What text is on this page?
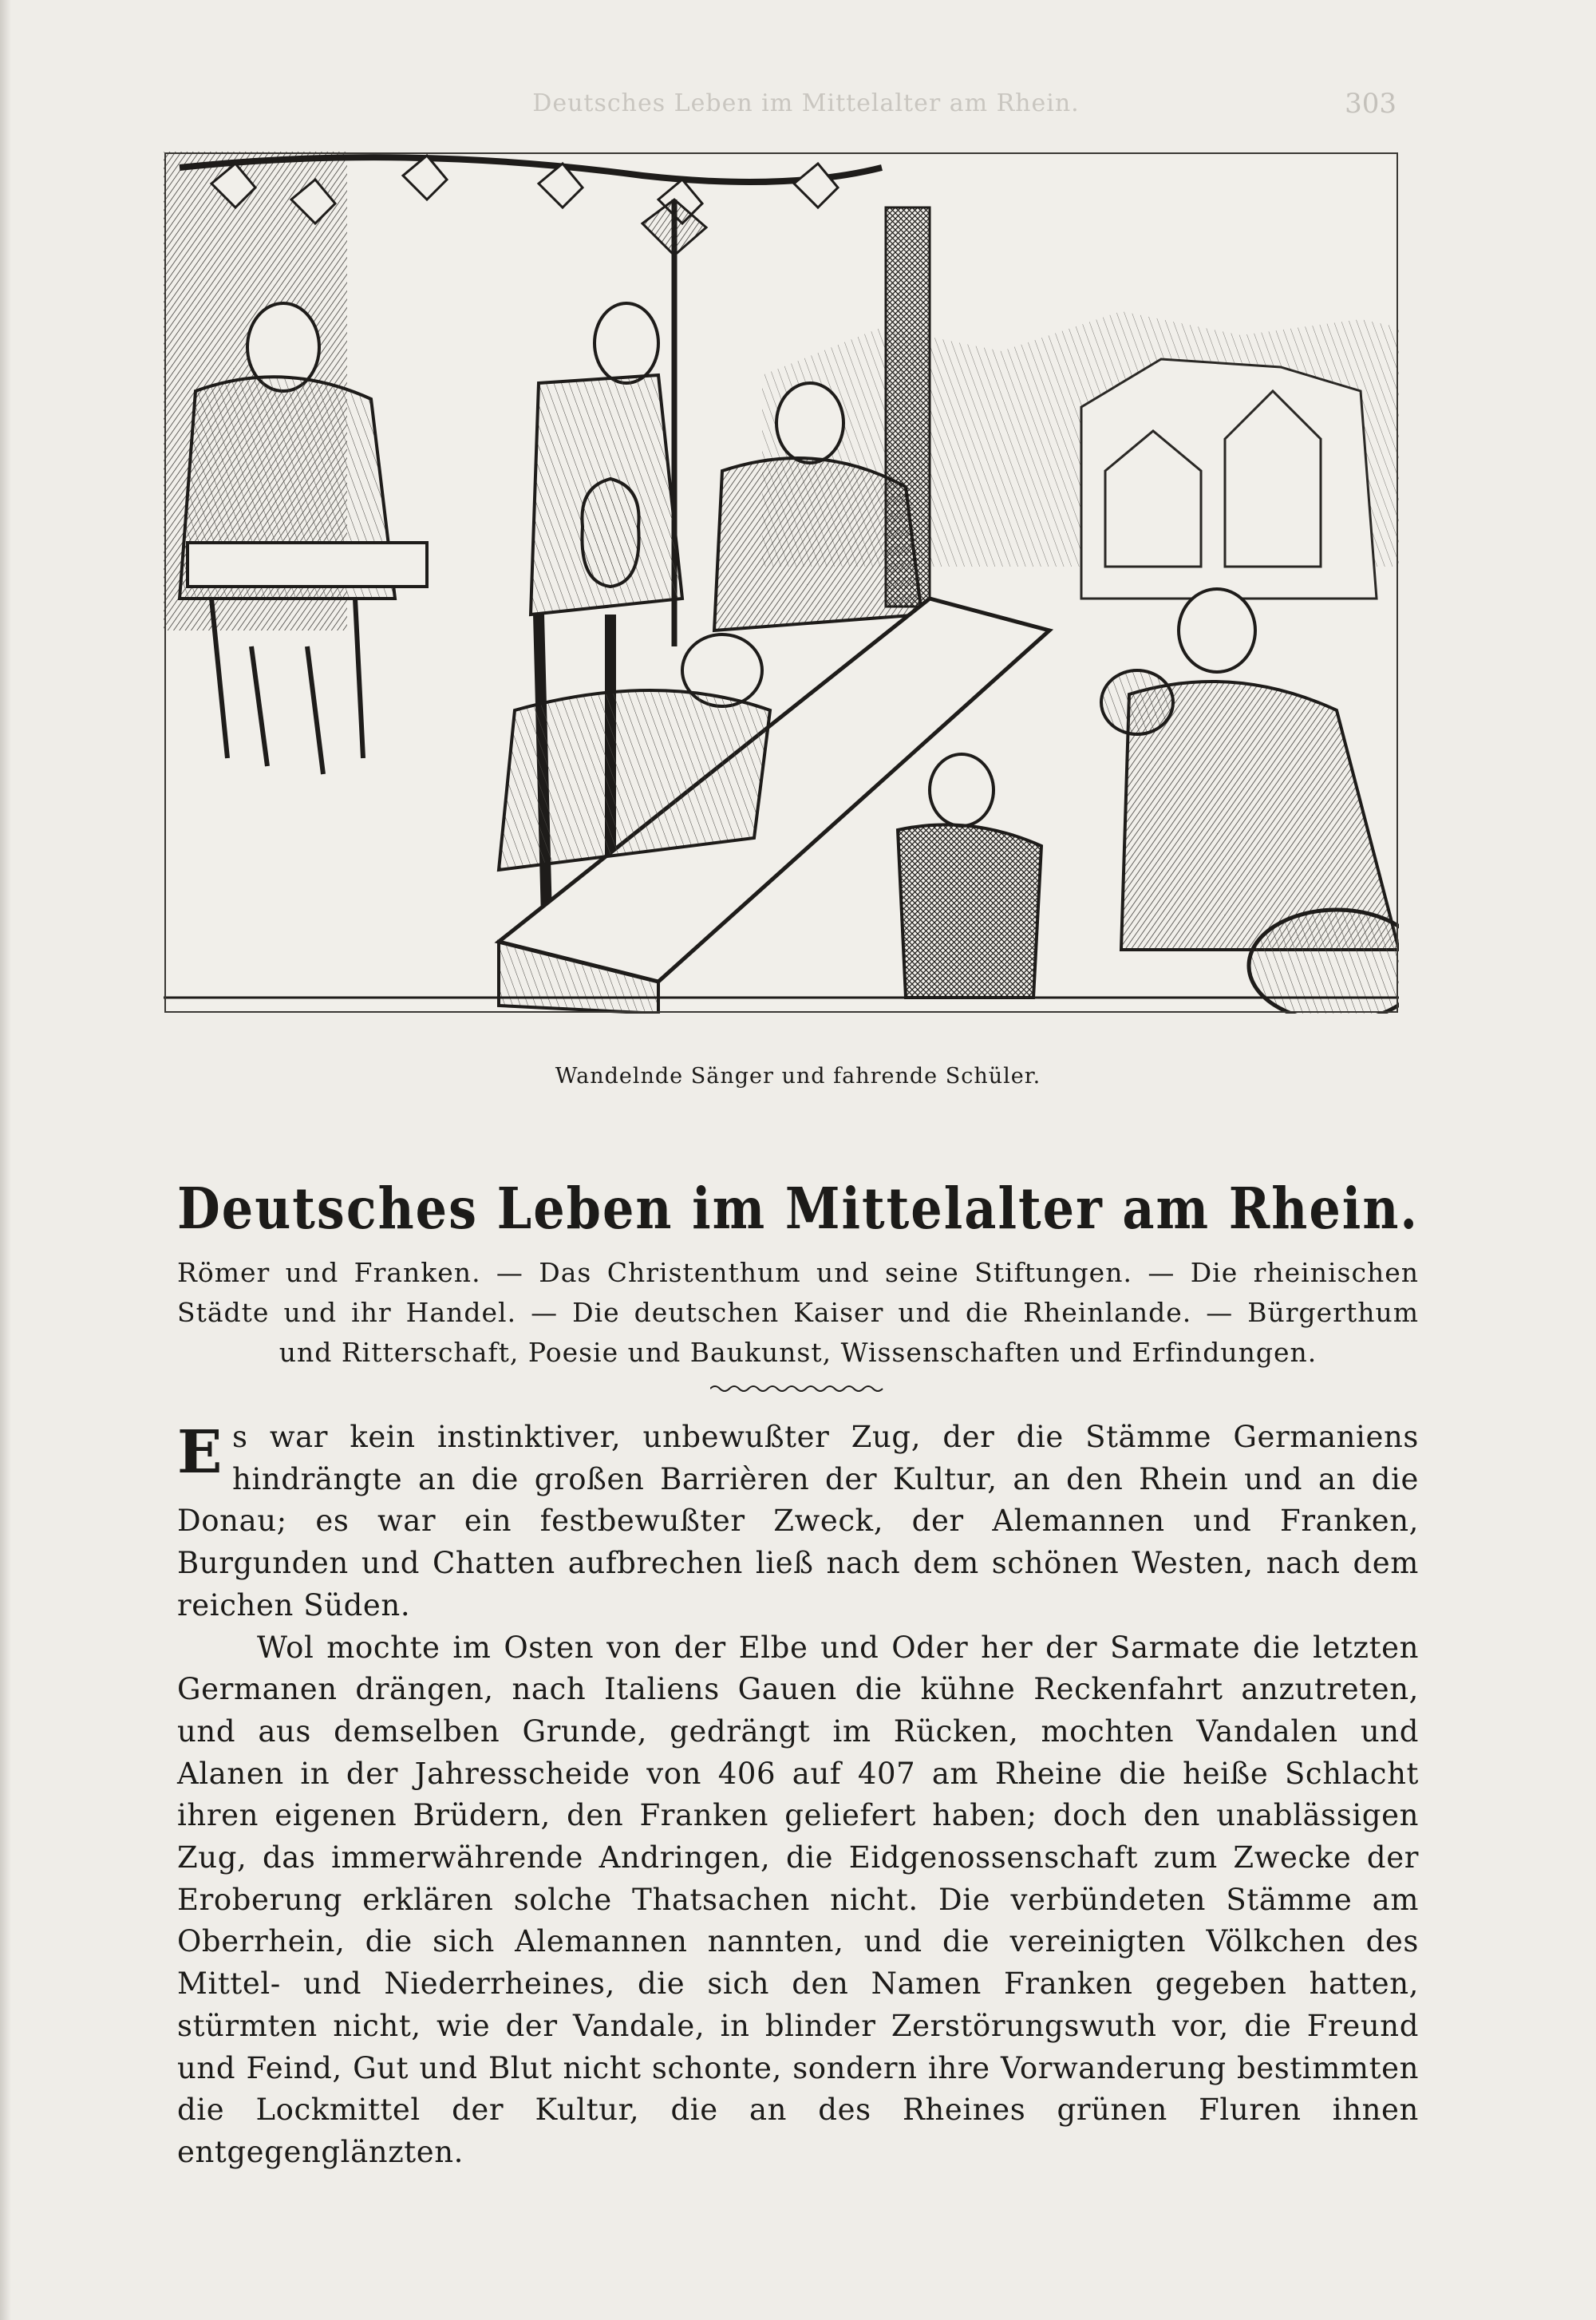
Deutsches Leben im Mittelalter am Rhein.	303
Wandelnde Sänger und fahrende Schüler.
Deutsches Leben im Mittelalter am Rhein.
Römer und Franken. — Das Christenthum und seine Stiftungen. — Die rheinischen Städte und ihr Handel. — Die deutschen Kaiser und die Rheinlande. — Bürgerthum und Ritterschaft, Poesie und Baukunst, Wissenschaften und Erfindungen.

Es war kein instinktiver, unbewußter Zug, der die Stämme Germaniens hindrängte an die großen Barrièren der Kultur, an den Rhein und an die Donau; es war ein festbewußter Zweck, der Alemannen und Franken, Burgunden und Chatten aufbrechen ließ nach dem schönen Westen, nach dem reichen Süden.

Wol mochte im Osten von der Elbe und Oder her der Sarmate die letzten Germanen drängen, nach Italiens Gauen die kühne Reckenfahrt anzutreten, und aus demselben Grunde, gedrängt im Rücken, mochten Vandalen und Alanen in der Jahresscheide von 406 auf 407 am Rheine die heiße Schlacht ihren eigenen Brüdern, den Franken geliefert haben; doch den unablässigen Zug, das immerwährende Andringen, die Eidgenossenschaft zum Zwecke der Eroberung erklären solche Thatsachen nicht. Die verbündeten Stämme am Oberrhein, die sich Alemannen nannten, und die vereinigten Völkchen des Mittel- und Niederrheines, die sich den Namen Franken gegeben hatten, stürmten nicht, wie der Vandale, in blinder Zerstörungswuth vor, die Freund und Feind, Gut und Blut nicht schonte, sondern ihre Vorwanderung bestimmten die Lockmittel der Kultur, die an des Rheines grünen Fluren ihnen entgegenglänzten.
